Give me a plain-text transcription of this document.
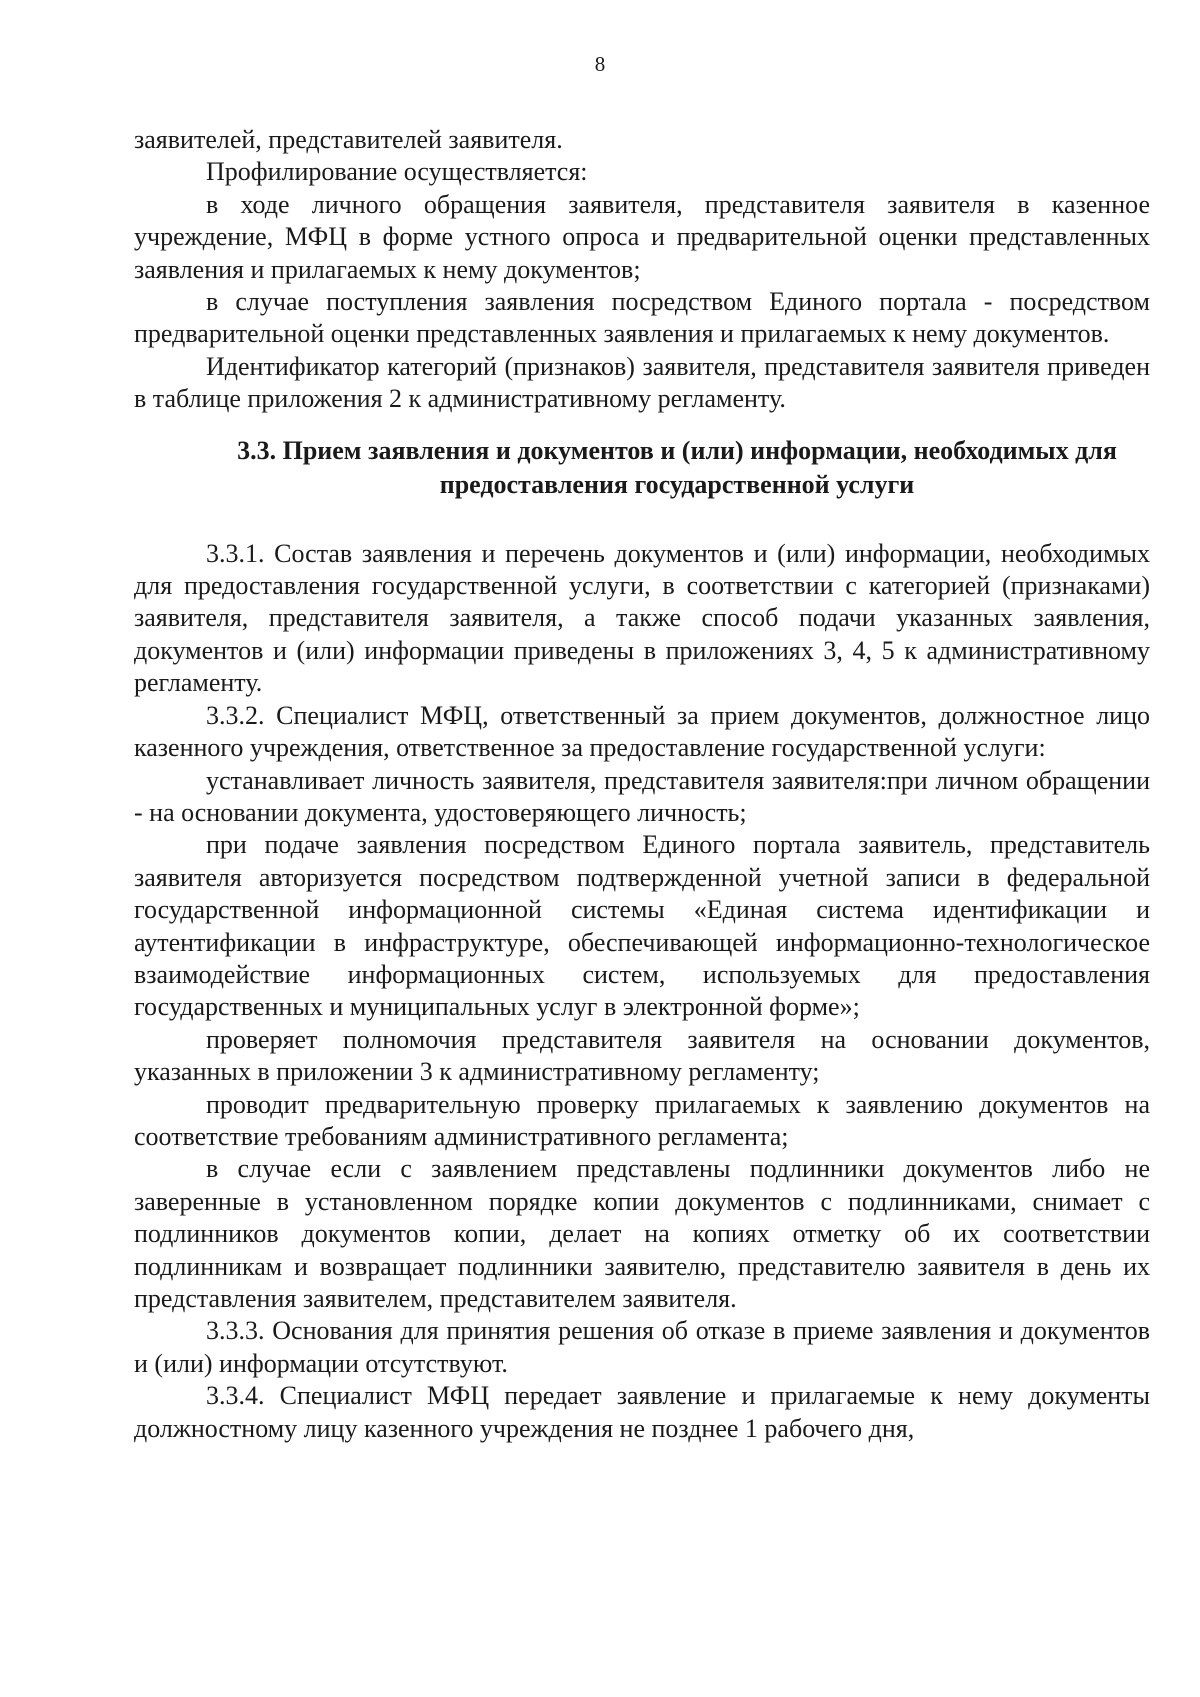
8

заявителей, представителей заявителя.

Профилирование осуществляется:

в ходе личного обращения заявителя, представителя заявителя в казенное учреждение, МФЦ в форме устного опроса и предварительной оценки представленных заявления и прилагаемых к нему документов;

в случае поступления заявления посредством Единого портала - посредством предварительной оценки представленных заявления и прилагаемых к нему документов.

Идентификатор категорий (признаков) заявителя, представителя заявителя приведен в таблице приложения 2 к административному регламенту.

3.3. Прием заявления и документов и (или) информации, необходимых для предоставления государственной услуги

3.3.1. Состав заявления и перечень документов и (или) информации, необходимых для предоставления государственной услуги, в соответствии с категорией (признаками) заявителя, представителя заявителя, а также способ подачи указанных заявления, документов и (или) информации приведены в приложениях 3, 4, 5 к административному регламенту.

3.3.2. Специалист МФЦ, ответственный за прием документов, должностное лицо казенного учреждения, ответственное за предоставление государственной услуги:

устанавливает личность заявителя, представителя заявителя:при личном обращении - на основании документа, удостоверяющего личность;

при подаче заявления посредством Единого портала заявитель, представитель заявителя авторизуется посредством подтвержденной учетной записи в федеральной государственной информационной системы «Единая система идентификации и аутентификации в инфраструктуре, обеспечивающей информационно-технологическое взаимодействие информационных систем, используемых для предоставления государственных и муниципальных услуг в электронной форме»;

проверяет полномочия представителя заявителя на основании документов, указанных в приложении 3 к административному регламенту;

проводит предварительную проверку прилагаемых к заявлению документов на соответствие требованиям административного регламента;

в случае если с заявлением представлены подлинники документов либо не заверенные в установленном порядке копии документов с подлинниками, снимает с подлинников документов копии, делает на копиях отметку об их соответствии подлинникам и возвращает подлинники заявителю, представителю заявителя в день их представления заявителем, представителем заявителя.

3.3.3. Основания для принятия решения об отказе в приеме заявления и документов и (или) информации отсутствуют.

3.3.4. Специалист МФЦ передает заявление и прилагаемые к нему документы должностному лицу казенного учреждения не позднее 1 рабочего дня,
